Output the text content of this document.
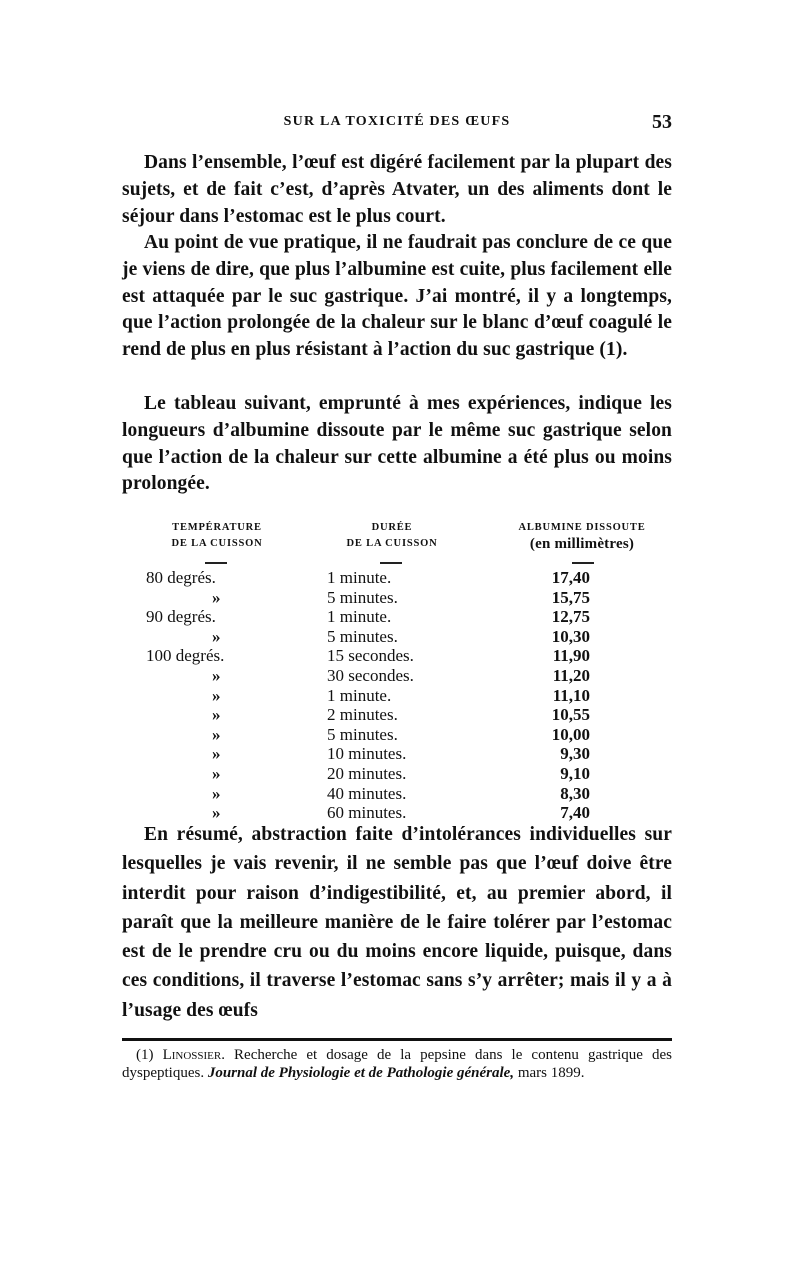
SUR LA TOXICITÉ DES ŒUFS	53

Dans l’ensemble, l’œuf est digéré facilement par la plupart des sujets, et de fait c’est, d’après Atvater, un des aliments dont le séjour dans l’estomac est le plus court.

Au point de vue pratique, il ne faudrait pas conclure de ce que je viens de dire, que plus l’albumine est cuite, plus facilement elle est attaquée par le suc gastrique. J’ai montré, il y a longtemps, que l’action prolongée de la chaleur sur le blanc d’œuf coagulé le rend de plus en plus résistant à l’action du suc gastrique (1).

Le tableau suivant, emprunté à mes expériences, indique les longueurs d’albumine dissoute par le même suc gastrique selon que l’action de la chaleur sur cette albumine a été plus ou moins prolongée.

TEMPÉRATURE
DE LA CUISSON
DURÉE
DE LA CUISSON
ALBUMINE DISSOUTE
(en millimètres)
80 degrés.	1 minute.	17,40
»	5 minutes.	15,75
90 degrés.	1 minute.	12,75
»	5 minutes.	10,30
100 degrés.	15 secondes.	11,90
»	30 secondes.	11,20
»	1 minute.	11,10
»	2 minutes.	10,55
»	5 minutes.	10,00
»	10 minutes.	9,30
»	20 minutes.	9,10
»	40 minutes.	8,30
»	60 minutes.	7,40

En résumé, abstraction faite d’intolérances individuelles sur lesquelles je vais revenir, il ne semble pas que l’œuf doive être interdit pour raison d’indigestibilité, et, au premier abord, il paraît que la meilleure manière de le faire tolérer par l’estomac est de le prendre cru ou du moins encore liquide, puisque, dans ces conditions, il traverse l’estomac sans s’y arrêter; mais il y a à l’usage des œufs

(1) Linossier. Recherche et dosage de la pepsine dans le contenu gastrique des dyspeptiques. Journal de Physiologie et de Pathologie générale, mars 1899.
